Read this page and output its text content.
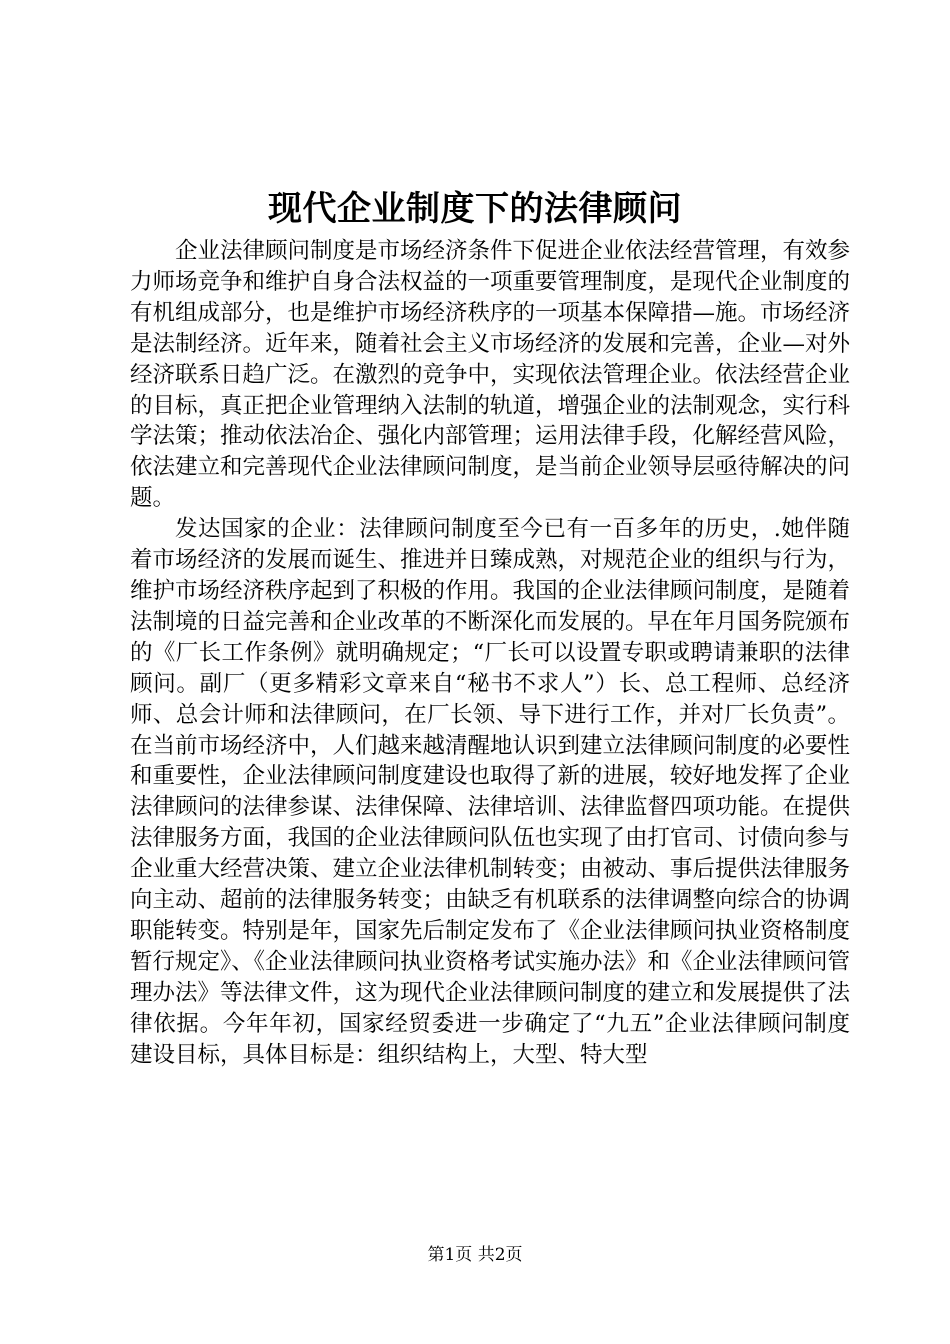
现代企业制度下的法律顾问

企业法律顾问制度是市场经济条件下促进企业依法经营管理，有效参力师场竞争和维护自身合法权益的一项重要管理制度，是现代企业制度的有机组成部分，也是维护市场经济秩序的一项基本保障措—施。市场经济是法制经济。近年来，随着社会主义市场经济的发展和完善，企业—对外经济联系日趋广泛。在激烈的竞争中，实现依法管理企业。依法经营企业的目标，真正把企业管理纳入法制的轨道，增强企业的法制观念，实行科学法策；推动依法冶企、强化内部管理；运用法律手段，化解经营风险，依法建立和完善现代企业法律顾问制度，是当前企业领导层亟待解决的问题。

发达国家的企业：法律顾问制度至今已有一百多年的历史，.她伴随着市场经济的发展而诞生、推进并日臻成熟，对规范企业的组织与行为，维护市场经济秩序起到了积极的作用。我国的企业法律顾问制度，是随着法制境的日益完善和企业改革的不断深化而发展的。早在年月国务院颁布的《厂长工作条例》就明确规定；“厂长可以设置专职或聘请兼职的法律顾问。副厂（更多精彩文章来自“秘书不求人”）长、总工程师、总经济师、总会计师和法律顾问，在厂长领、导下进行工作，并对厂长负责”。在当前市场经济中，人们越来越清醒地认识到建立法律顾问制度的必要性和重要性，企业法律顾问制度建设也取得了新的进展，较好地发挥了企业法律顾问的法律参谋、法律保障、法律培训、法律监督四项功能。在提供法律服务方面，我国的企业法律顾问队伍也实现了由打官司、讨债向参与企业重大经营决策、建立企业法律机制转变；由被动、事后提供法律服务向主动、超前的法律服务转变；由缺乏有机联系的法律调整向综合的协调职能转变。特别是年，国家先后制定发布了《企业法律顾问执业资格制度暂行规定》、《企业法律顾问执业资格考试实施办法》和《企业法律顾问管理办法》等法律文件，这为现代企业法律顾问制度的建立和发展提供了法律依据。今年年初，国家经贸委进一步确定了“九五”企业法律顾问制度建设目标，具体目标是：组织结构上，大型、特大型

第1页 共2页
